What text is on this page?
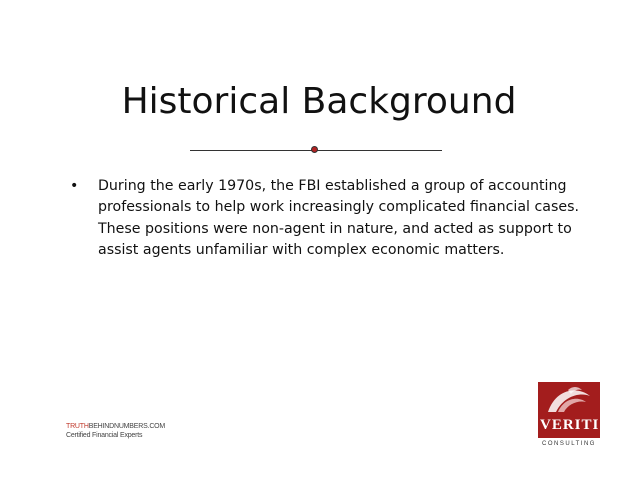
Historical Background
• During the early 1970s, the FBI established a group of accounting professionals to help work increasingly complicated financial cases. These positions were non-agent in nature, and acted as support to assist agents unfamiliar with complex economic matters.
TRUTHBEHINDNUMBERS.COM
Certified Financial Experts
VERITI
CONSULTING
